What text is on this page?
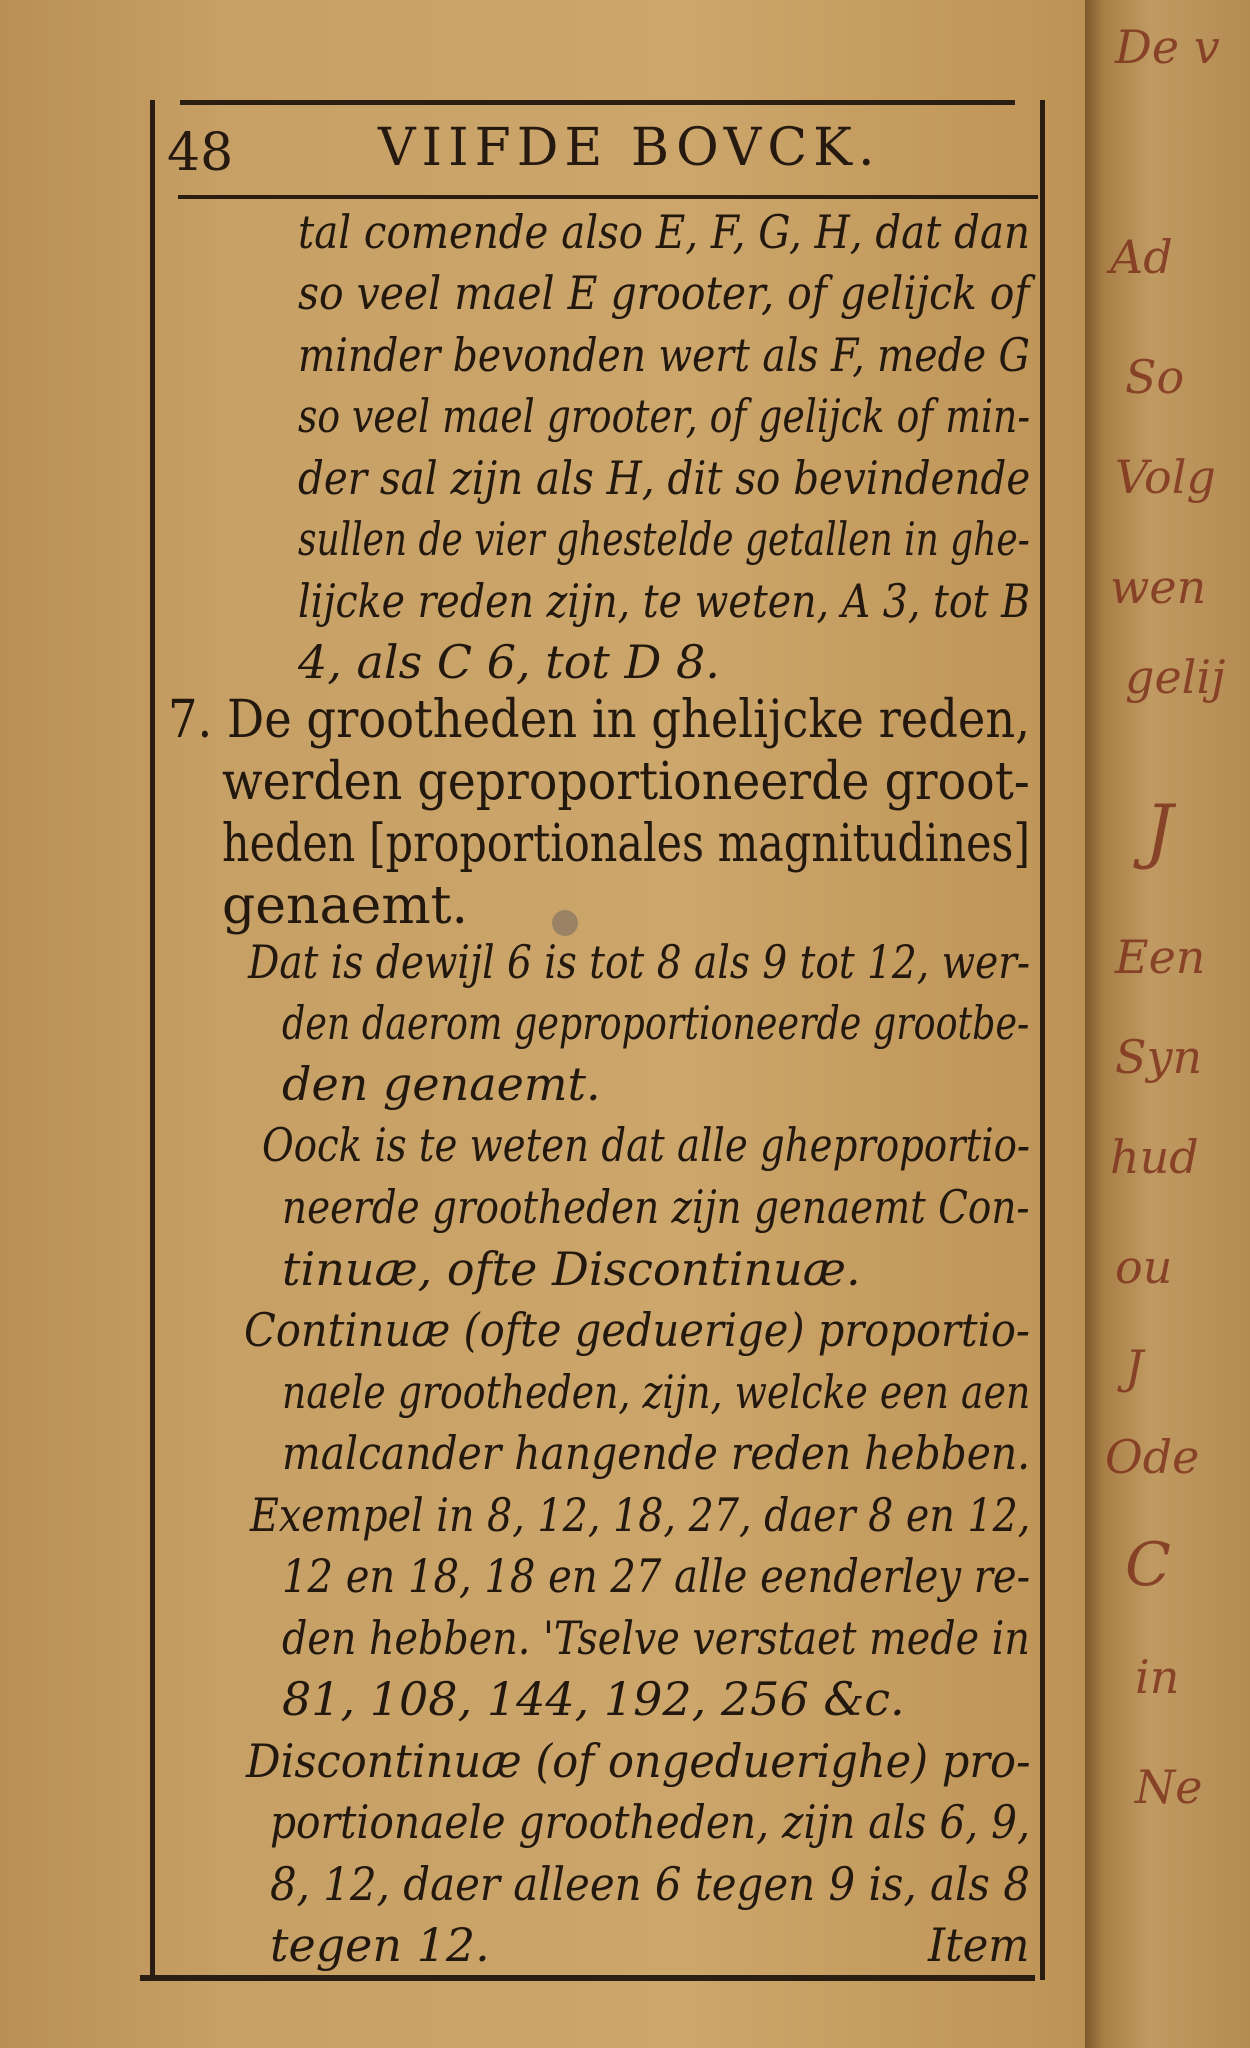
De v
Ad
So
Volg
wen
gelij
J
Een
Syn
hud
ou
J
Ode
C
in
Ne
48	VIIFDE BOVCK.
tal comende also E, F, G, H, dat dan
so veel mael E grooter, of gelijck of
minder bevonden wert als F, mede G
so veel mael grooter, of gelijck of min-
der sal zijn als H, dit so bevindende
sullen de vier ghestelde getallen in ghe-
lijcke reden zijn, te weten, A 3, tot B
4, als C 6, tot D 8.
7. De grootheden in ghelijcke reden,
werden geproportioneerde groot-
heden [proportionales magnitudines]
genaemt.
Dat is dewijl 6 is tot 8 als 9 tot 12, wer-
den daerom geproportioneerde grootbe-
den genaemt.
Oock is te weten dat alle gheproportio-
neerde grootheden zijn genaemt Con-
tinuæ, ofte Discontinuæ.
Continuæ (ofte geduerige) proportio-
naele grootheden, zijn, welcke een aen
malcander hangende reden hebben.
Exempel in 8, 12, 18, 27, daer 8 en 12,
12 en 18, 18 en 27 alle eenderley re-
den hebben. 'Tselve verstaet mede in
81, 108, 144, 192, 256 &c.
Discontinuæ (of ongeduerighe) pro-
portionaele grootheden, zijn als 6, 9,
8, 12, daer alleen 6 tegen 9 is, als 8
tegen 12.	Item
